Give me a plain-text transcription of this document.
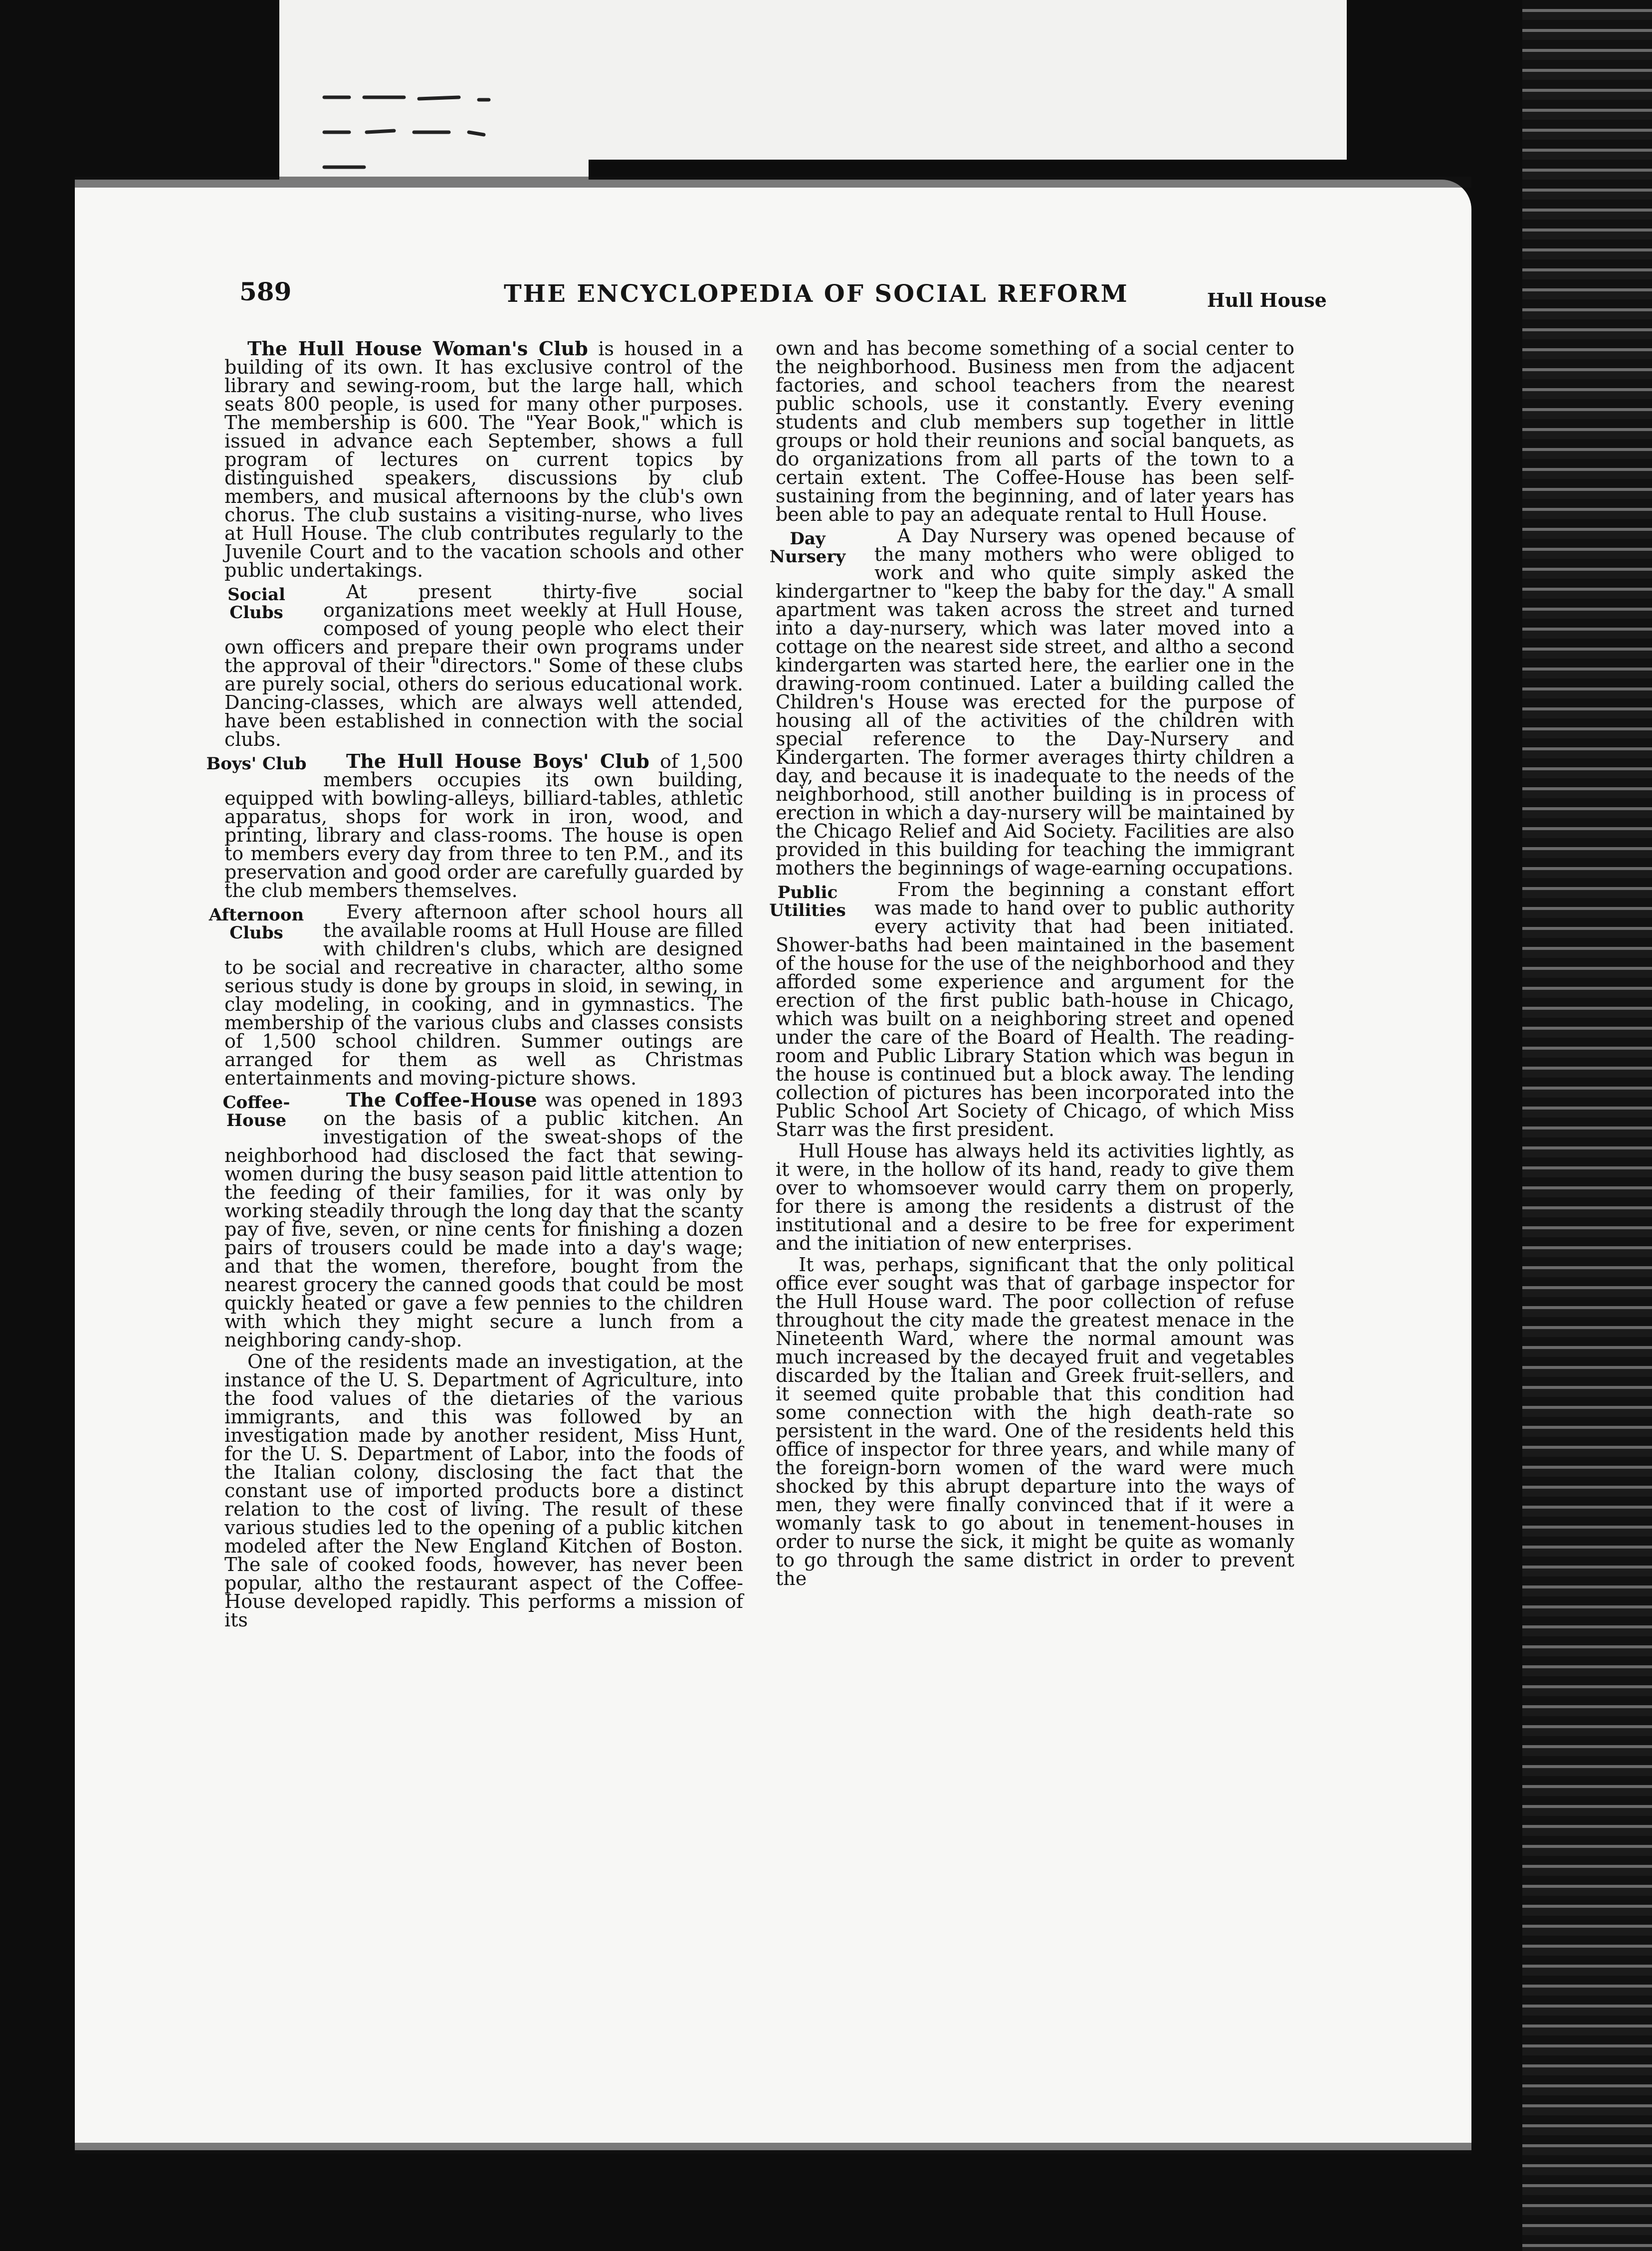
589	THE ENCYCLOPEDIA OF SOCIAL REFORM	Hull House

The Hull House Woman's Club is housed in a building of its own. It has exclusive control of the library and sewing-room, but the large hall, which seats 800 people, is used for many other purposes. The membership is 600. The "Year Book," which is issued in advance each September, shows a full program of lectures on current topics by distinguished speakers, discussions by club members, and musical afternoons by the club's own chorus. The club sustains a visiting-nurse, who lives at Hull House. The club contributes regularly to the Juvenile Court and to the vacation schools and other public undertakings.

Social Clubs
At present thirty-five social organizations meet weekly at Hull House, composed of young people who elect their own officers and prepare their own programs under the approval of their "directors." Some of these clubs are purely social, others do serious educational work. Dancing-classes, which are always well attended, have been established in connection with the social clubs.

Boys' Club The Hull House Boys' Club of 1,500 members occupies its own building, equipped with bowling-alleys, billiard-tables, athletic apparatus, shops for work in iron, wood, and printing, library and class-rooms. The house is open to members every day from three to ten P.M., and its preservation and good order are carefully guarded by the club members themselves.

Afternoon Clubs
Every afternoon after school hours all the available rooms at Hull House are filled with children's clubs, which are designed to be social and recreative in character, altho some serious study is done by groups in sloid, in sewing, in clay modeling, in cooking, and in gymnastics. The membership of the various clubs and classes consists of 1,500 school children. Summer outings are arranged for them as well as Christmas entertainments and moving-picture shows.

Coffee-House
The Coffee-House was opened in 1893 on the basis of a public kitchen. An investigation of the sweat-shops of the neighborhood had disclosed the fact that sewing-women during the busy season paid little attention to the feeding of their families, for it was only by working steadily through the long day that the scanty pay of five, seven, or nine cents for finishing a dozen pairs of trousers could be made into a day's wage; and that the women, therefore, bought from the nearest grocery the canned goods that could be most quickly heated or gave a few pennies to the children with which they might secure a lunch from a neighboring candy-shop.

One of the residents made an investigation, at the instance of the U. S. Department of Agriculture, into the food values of the dietaries of the various immigrants, and this was followed by an investigation made by another resident, Miss Hunt, for the U. S. Department of Labor, into the foods of the Italian colony, disclosing the fact that the constant use of imported products bore a distinct relation to the cost of living. The result of these various studies led to the opening of a public kitchen modeled after the New England Kitchen of Boston. The sale of cooked foods, however, has never been popular, altho the restaurant aspect of the Coffee-House developed rapidly. This performs a mission of its

own and has become something of a social center to the neighborhood. Business men from the adjacent factories, and school teachers from the nearest public schools, use it constantly. Every evening students and club members sup together in little groups or hold their reunions and social banquets, as do organizations from all parts of the town to a certain extent. The Coffee-House has been self-sustaining from the beginning, and of later years has been able to pay an adequate rental to Hull House.

Day Nursery
A Day Nursery was opened because of the many mothers who were obliged to work and who quite simply asked the kindergartner to "keep the baby for the day." A small apartment was taken across the street and turned into a day-nursery, which was later moved into a cottage on the nearest side street, and altho a second kindergarten was started here, the earlier one in the drawing-room continued. Later a building called the Children's House was erected for the purpose of housing all of the activities of the children with special reference to the Day-Nursery and Kindergarten. The former averages thirty children a day, and because it is inadequate to the needs of the neighborhood, still another building is in process of erection in which a day-nursery will be maintained by the Chicago Relief and Aid Society. Facilities are also provided in this building for teaching the immigrant mothers the beginnings of wage-earning occupations.

Public Utilities
From the beginning a constant effort was made to hand over to public authority every activity that had been initiated. Shower-baths had been maintained in the basement of the house for the use of the neighborhood and they afforded some experience and argument for the erection of the first public bath-house in Chicago, which was built on a neighboring street and opened under the care of the Board of Health. The reading-room and Public Library Station which was begun in the house is continued but a block away. The lending collection of pictures has been incorporated into the Public School Art Society of Chicago, of which Miss Starr was the first president.

Hull House has always held its activities lightly, as it were, in the hollow of its hand, ready to give them over to whomsoever would carry them on properly, for there is among the residents a distrust of the institutional and a desire to be free for experiment and the initiation of new enterprises.

It was, perhaps, significant that the only political office ever sought was that of garbage inspector for the Hull House ward. The poor collection of refuse throughout the city made the greatest menace in the Nineteenth Ward, where the normal amount was much increased by the decayed fruit and vegetables discarded by the Italian and Greek fruit-sellers, and it seemed quite probable that this condition had some connection with the high death-rate so persistent in the ward. One of the residents held this office of inspector for three years, and while many of the foreign-born women of the ward were much shocked by this abrupt departure into the ways of men, they were finally convinced that if it were a womanly task to go about in tenement-houses in order to nurse the sick, it might be quite as womanly to go through the same district in order to prevent the
